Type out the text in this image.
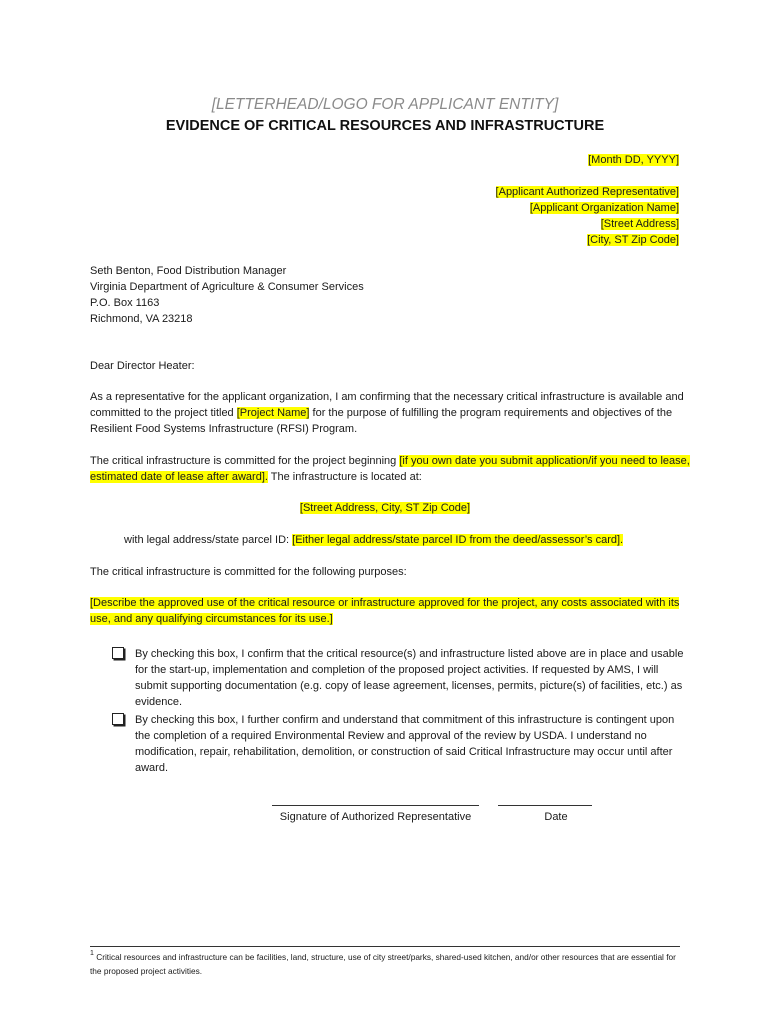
[LETTERHEAD/LOGO FOR APPLICANT ENTITY]
EVIDENCE OF CRITICAL RESOURCES AND INFRASTRUCTURE
[Month DD, YYYY]
[Applicant Authorized Representative]
[Applicant Organization Name]
[Street Address]
[City, ST Zip Code]
Seth Benton, Food Distribution Manager
Virginia Department of Agriculture & Consumer Services
P.O. Box 1163
Richmond, VA 23218
Dear Director Heater:
As a representative for the applicant organization, I am confirming that the necessary critical infrastructure is available and committed to the project titled [Project Name] for the purpose of fulfilling the program requirements and objectives of the Resilient Food Systems Infrastructure (RFSI) Program.
The critical infrastructure is committed for the project beginning [if you own date you submit application/if you need to lease, estimated date of lease after award]. The infrastructure is located at:
[Street Address, City, ST Zip Code]
with legal address/state parcel ID: [Either legal address/state parcel ID from the deed/assessor’s card].
The critical infrastructure is committed for the following purposes:
[Describe the approved use of the critical resource or infrastructure approved for the project, any costs associated with its use, and any qualifying circumstances for its use.]
By checking this box, I confirm that the critical resource(s) and infrastructure listed above are in place and usable for the start-up, implementation and completion of the proposed project activities. If requested by AMS, I will submit supporting documentation (e.g. copy of lease agreement, licenses, permits, picture(s) of facilities, etc.) as evidence.
By checking this box, I further confirm and understand that commitment of this infrastructure is contingent upon the completion of a required Environmental Review and approval of the review by USDA. I understand no modification, repair, rehabilitation, demolition, or construction of said Critical Infrastructure may occur until after award.
Signature of Authorized Representative	Date
$^1$ Critical resources and infrastructure can be facilities, land, structure, use of city street/parks, shared-used kitchen, and/or other resources that are essential for the proposed project activities.
